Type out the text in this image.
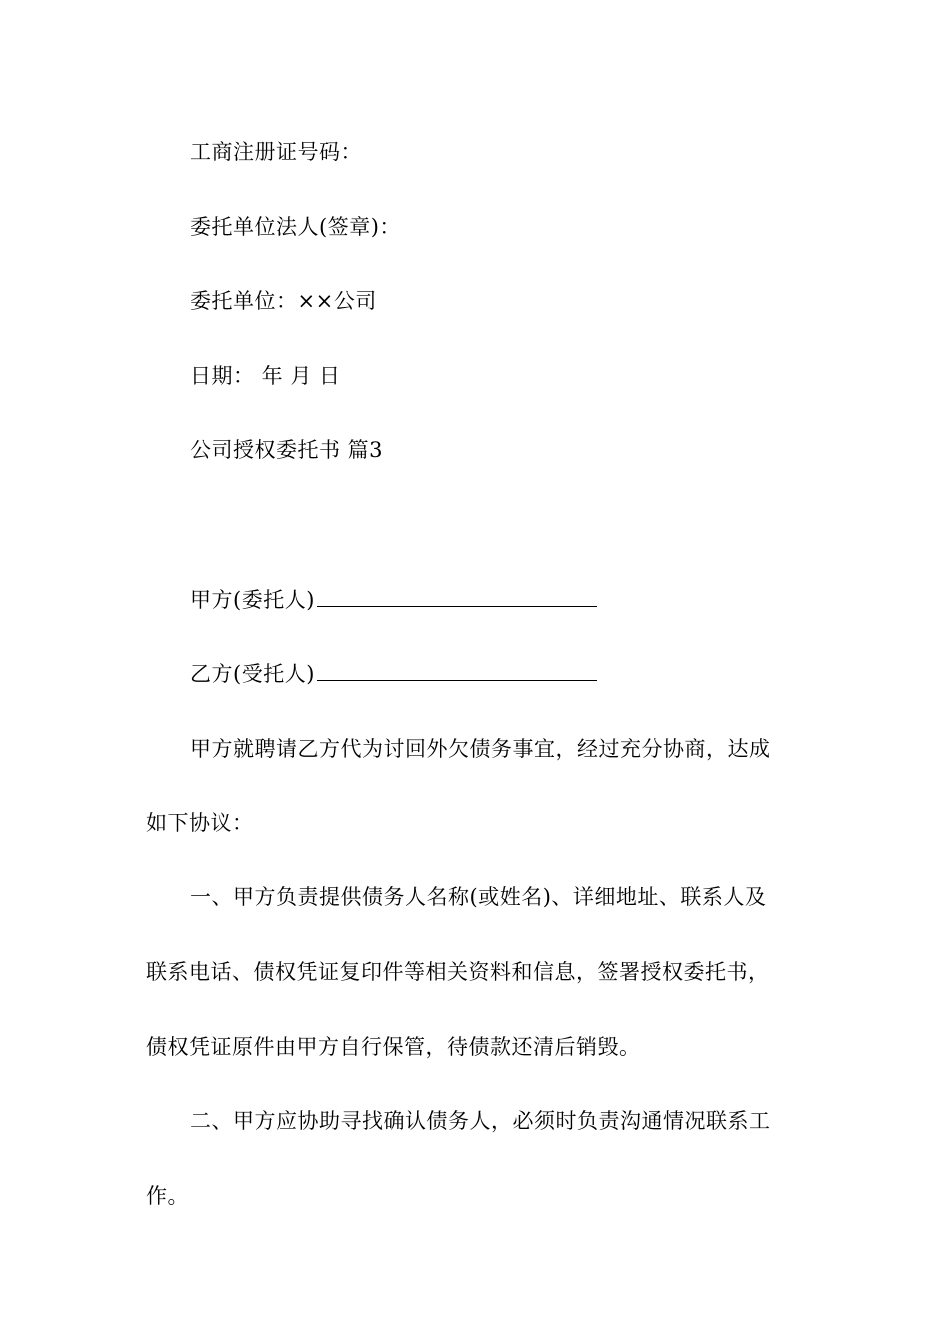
工商注册证号码：
委托单位法人(签章)：
委托单位：××公司
日期： 年 月 日
公司授权委托书 篇3
甲方(委托人)
乙方(受托人)
甲方就聘请乙方代为讨回外欠债务事宜，经过充分协商，达成
如下协议：
一、甲方负责提供债务人名称(或姓名)、详细地址、联系人及
联系电话、债权凭证复印件等相关资料和信息，签署授权委托书，
债权凭证原件由甲方自行保管，待债款还清后销毁。
二、甲方应协助寻找确认债务人，必须时负责沟通情况联系工
作。
